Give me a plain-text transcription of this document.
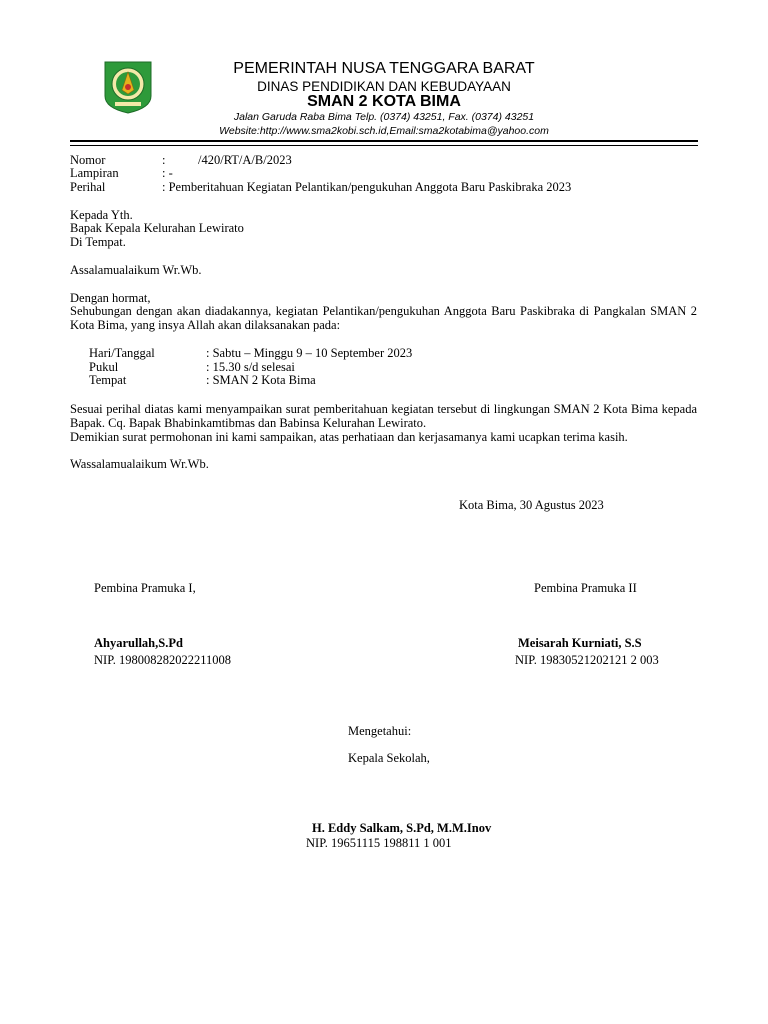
PEMERINTAH NUSA TENGGARA BARAT
DINAS PENDIDIKAN DAN KEBUDAYAAN
SMAN 2 KOTA BIMA
Jalan Garuda Raba Bima Telp. (0374) 43251, Fax. (0374) 43251
Website:http://www.sma2kobi.sch.id,Email:sma2kotabima@yahoo.com
Nomor	:	/420/RT/A/B/2023
Lampiran	: -
Perihal	: Pemberitahuan Kegiatan Pelantikan/pengukuhan Anggota Baru Paskibraka 2023
Kepada Yth.
Bapak Kepala Kelurahan Lewirato
Di Tempat.
Assalamualaikum Wr.Wb.
Dengan hormat,
Sehubungan dengan akan diadakannya, kegiatan Pelantikan/pengukuhan Anggota Baru Paskibraka di Pangkalan SMAN 2 Kota Bima, yang insya Allah akan dilaksanakan pada:
Hari/Tanggal	: Sabtu – Minggu 9 – 10 September 2023
Pukul	: 15.30 s/d selesai
Tempat	: SMAN 2 Kota Bima
Sesuai perihal diatas kami menyampaikan surat pemberitahuan kegiatan tersebut di lingkungan SMAN 2 Kota Bima kepada Bapak. Cq. Bapak Bhabinkamtibmas dan Babinsa Kelurahan Lewirato.
Demikian surat permohonan ini kami sampaikan, atas perhatiaan dan kerjasamanya kami ucapkan terima kasih.
Wassalamualaikum Wr.Wb.
Kota Bima, 30 Agustus 2023
Pembina Pramuka I,	Pembina Pramuka II
Ahyarullah,S.Pd	Meisarah Kurniati, S.S
NIP. 198008282022211008	NIP. 19830521202121 2 003
Mengetahui:
Kepala Sekolah,
H. Eddy Salkam, S.Pd, M.M.Inov
NIP. 19651115 198811 1 001
